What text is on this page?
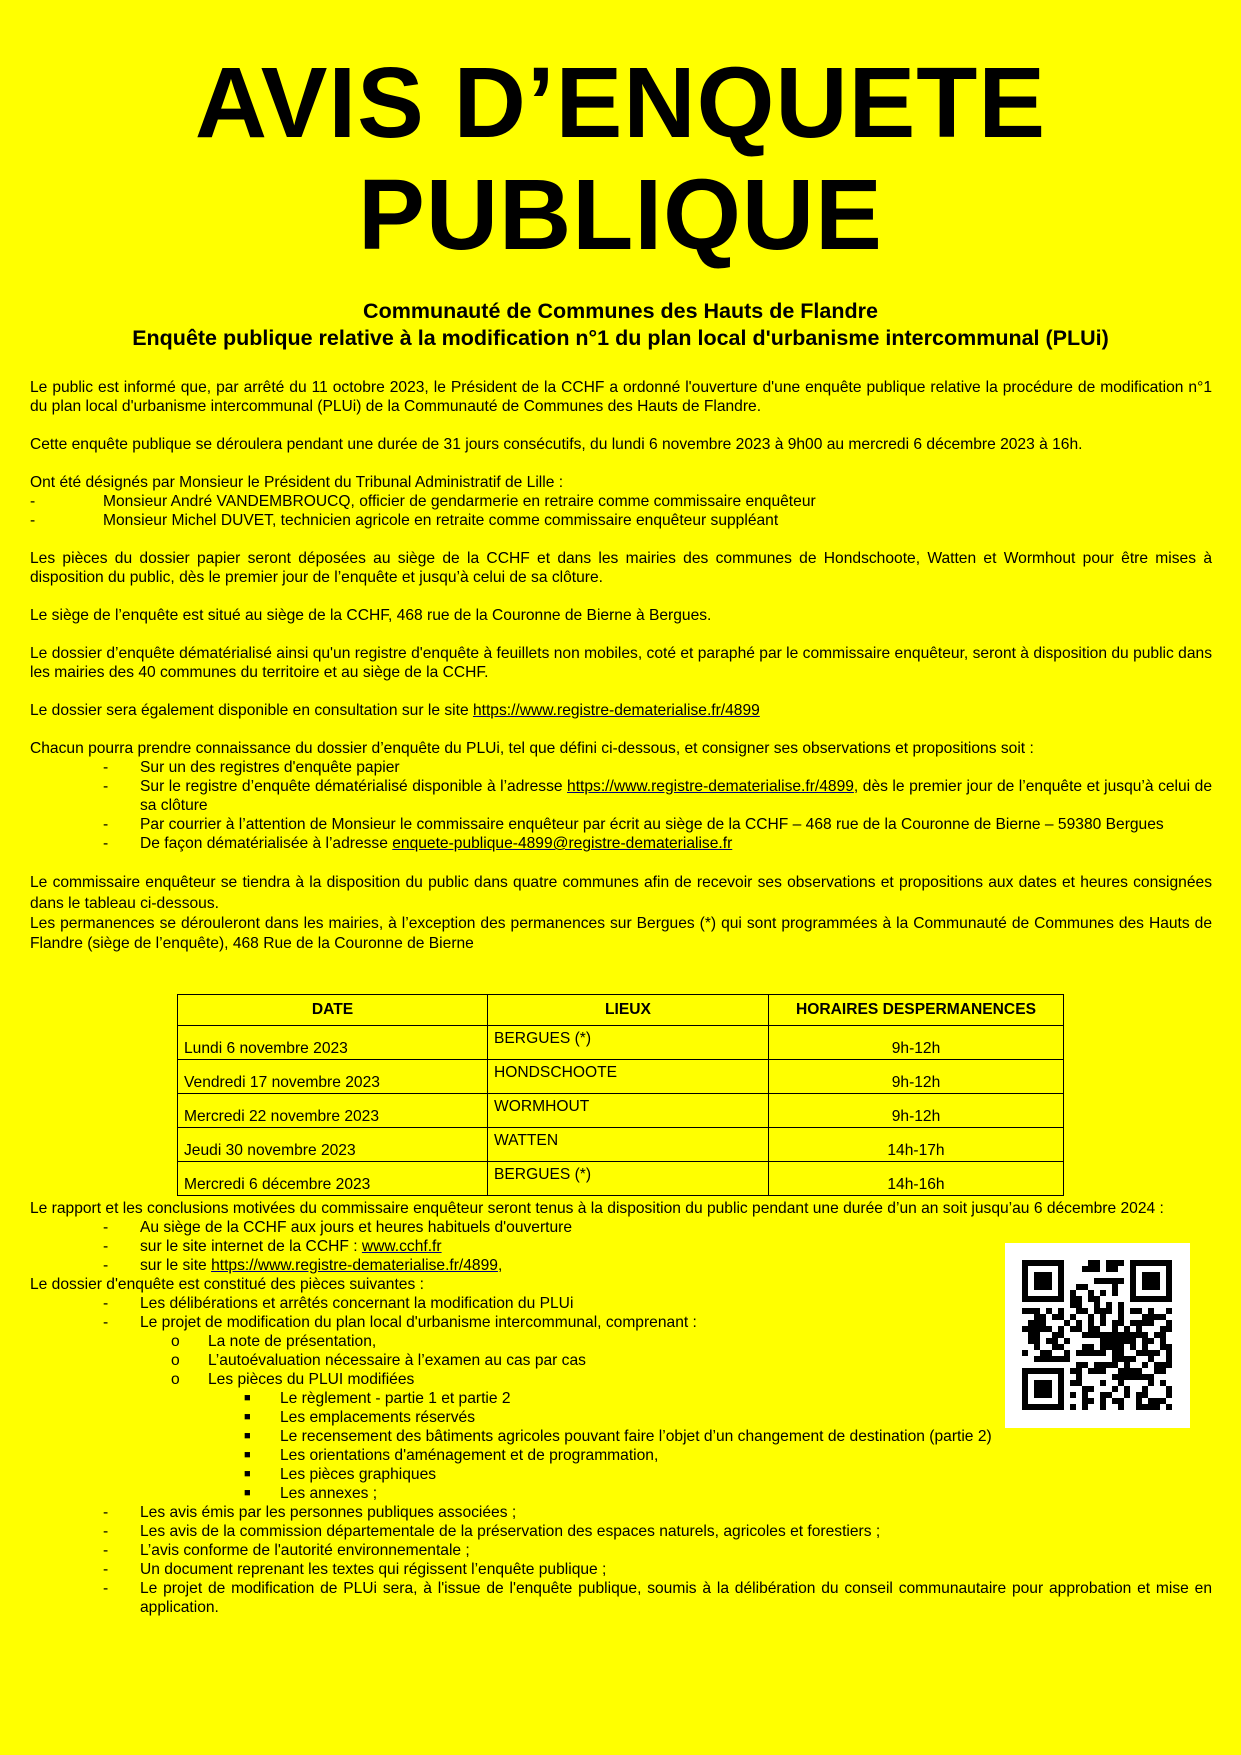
AVIS D’ENQUETE
PUBLIQUE
Communauté de Communes des Hauts de Flandre
Enquête publique relative à la modification n°1 du plan local d'urbanisme intercommunal (PLUi)

Le public est informé que, par arrêté du 11 octobre 2023, le Président de la CCHF a ordonné l'ouverture d'une enquête publique relative la procédure de modification n°1 du plan local d'urbanisme intercommunal (PLUi) de la Communauté de Communes des Hauts de Flandre.

Cette enquête publique se déroulera pendant une durée de 31 jours consécutifs, du lundi 6 novembre 2023 à 9h00 au mercredi 6 décembre 2023 à 16h.

Ont été désignés par Monsieur le Président du Tribunal Administratif de Lille :

-	Monsieur André VANDEMBROUCQ, officier de gendarmerie en retraire comme commissaire enquêteur
-	Monsieur Michel DUVET, technicien agricole en retraite comme commissaire enquêteur suppléant

Les pièces du dossier papier seront déposées au siège de la CCHF et dans les mairies des communes de Hondschoote, Watten et Wormhout pour être mises à disposition du public, dès le premier jour de l’enquête et jusqu’à celui de sa clôture.

Le siège de l’enquête est situé au siège de la CCHF, 468 rue de la Couronne de Bierne à Bergues.

Le dossier d’enquête dématérialisé ainsi qu'un registre d'enquête à feuillets non mobiles, coté et paraphé par le commissaire enquêteur, seront à disposition du public dans les mairies des 40 communes du territoire et au siège de la CCHF.

Le dossier sera également disponible en consultation sur le site https://www.registre-dematerialise.fr/4899

Chacun pourra prendre connaissance du dossier d’enquête du PLUi, tel que défini ci-dessous, et consigner ses observations et propositions soit :

-	Sur un des registres d'enquête papier
-	Sur le registre d’enquête dématérialisé disponible à l’adresse https://www.registre-dematerialise.fr/4899, dès le premier jour de l’enquête et jusqu’à celui de sa clôture
-	Par courrier à l’attention de Monsieur le commissaire enquêteur par écrit au siège de la CCHF – 468 rue de la Couronne de Bierne – 59380 Bergues
-	De façon dématérialisée à l’adresse enquete-publique-4899@registre-dematerialise.fr

Le commissaire enquêteur se tiendra à la disposition du public dans quatre communes afin de recevoir ses observations et propositions aux dates et heures consignées dans le tableau ci-dessous.

Les permanences se dérouleront dans les mairies, à l’exception des permanences sur Bergues (*) qui sont programmées à la Communauté de Communes des Hauts de Flandre (siège de l’enquête), 468 Rue de la Couronne de Bierne

DATE	LIEUX	HORAIRES DESPERMANENCES
Lundi 6 novembre 2023	BERGUES (*)	9h-12h
Vendredi 17 novembre 2023	HONDSCHOOTE	9h-12h
Mercredi 22 novembre 2023	WORMHOUT	9h-12h
Jeudi 30 novembre 2023	WATTEN	14h-17h
Mercredi 6 décembre 2023	BERGUES (*)	14h-16h

Le rapport et les conclusions motivées du commissaire enquêteur seront tenus à la disposition du public pendant une durée d’un an soit jusqu’au 6 décembre 2024 :

-	Au siège de la CCHF aux jours et heures habituels d'ouverture
-	sur le site internet de la CCHF : www.cchf.fr
-	sur le site https://www.registre-dematerialise.fr/4899,

Le dossier d'enquête est constitué des pièces suivantes :

-	Les délibérations et arrêtés concernant la modification du PLUi
-	Le projet de modification du plan local d'urbanisme intercommunal, comprenant :
o	La note de présentation,
o	L’autoévaluation nécessaire à l’examen au cas par cas
o	Les pièces du PLUI modifiées
■	Le règlement - partie 1 et partie 2
■	Les emplacements réservés
■	Le recensement des bâtiments agricoles pouvant faire l’objet d’un changement de destination (partie 2)
■	Les orientations d'aménagement et de programmation,
■	Les pièces graphiques
■	Les annexes ;
-	Les avis émis par les personnes publiques associées ;
-	Les avis de la commission départementale de la préservation des espaces naturels, agricoles et forestiers ;
-	L’avis conforme de l'autorité environnementale ;
-	Un document reprenant les textes qui régissent l’enquête publique ;
-	Le projet de modification de PLUi sera, à l'issue de l'enquête publique, soumis à la délibération du conseil communautaire pour approbation et mise en application.
